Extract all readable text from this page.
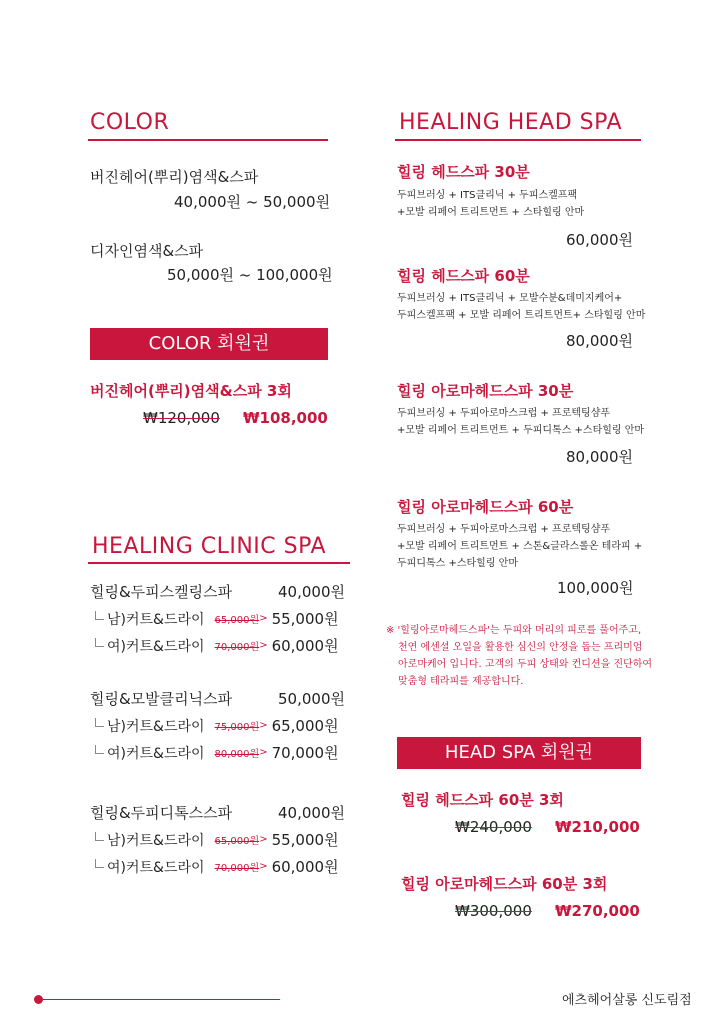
COLOR
버진헤어(뿌리)염색&스파
40,000원 ~ 50,000원
디자인염색&스파
50,000원 ~ 100,000원
COLOR 회원권
버진헤어(뿌리)염색&스파 3회
₩120,000 ₩108,000
HEALING CLINIC SPA
힐링&두피스켈링스파	40,000원
남)커트&드라이 65,000원 > 55,000원
여)커트&드라이 70,000원 > 60,000원
힐링&모발클리닉스파	50,000원
남)커트&드라이 75,000원 > 65,000원
여)커트&드라이 80,000원 > 70,000원
힐링&두피디톡스스파	40,000원
남)커트&드라이 65,000원 > 55,000원
여)커트&드라이 70,000원 > 60,000원
HEALING HEAD SPA
힐링 헤드스파 30분
두피브러싱 + ITS클리닉 + 두피스켈프팩
+모발 리페어 트리트먼트 + 스타힐링 안마
60,000원
힐링 헤드스파 60분
두피브러싱 + ITS클리닉 + 모발수분&데미지케어+
두피스켈프팩 + 모발 리페어 트리트먼트+ 스타힐링 안마
80,000원
힐링 아로마헤드스파 30분
두피브러싱 + 두피아로마스크럽 + 프로텍팅샴푸
+모발 리페어 트리트먼트 + 두피디톡스 +스타힐링 안마
80,000원
힐링 아로마헤드스파 60분
두피브러싱 + 두피아로마스크럽 + 프로텍팅샴푸
+모발 리페어 트리트먼트 + 스톤&글라스롤온 테라피 +
두피디톡스 +스타힐링 안마
100,000원
※ '힐링아로마헤드스파'는 두피와 머리의 피로를 풀어주고,
천연 에센셜 오일을 활용한 심신의 안정을 돕는 프리미엄
아로마케어 입니다. 고객의 두피 상태와 컨디션을 진단하여
맞춤형 테라피를 제공합니다.
HEAD SPA 회원권
힐링 헤드스파 60분 3회
₩240,000 ₩210,000
힐링 아로마헤드스파 60분 3회
₩300,000 ₩270,000
에츠헤어살롱 신도림점
